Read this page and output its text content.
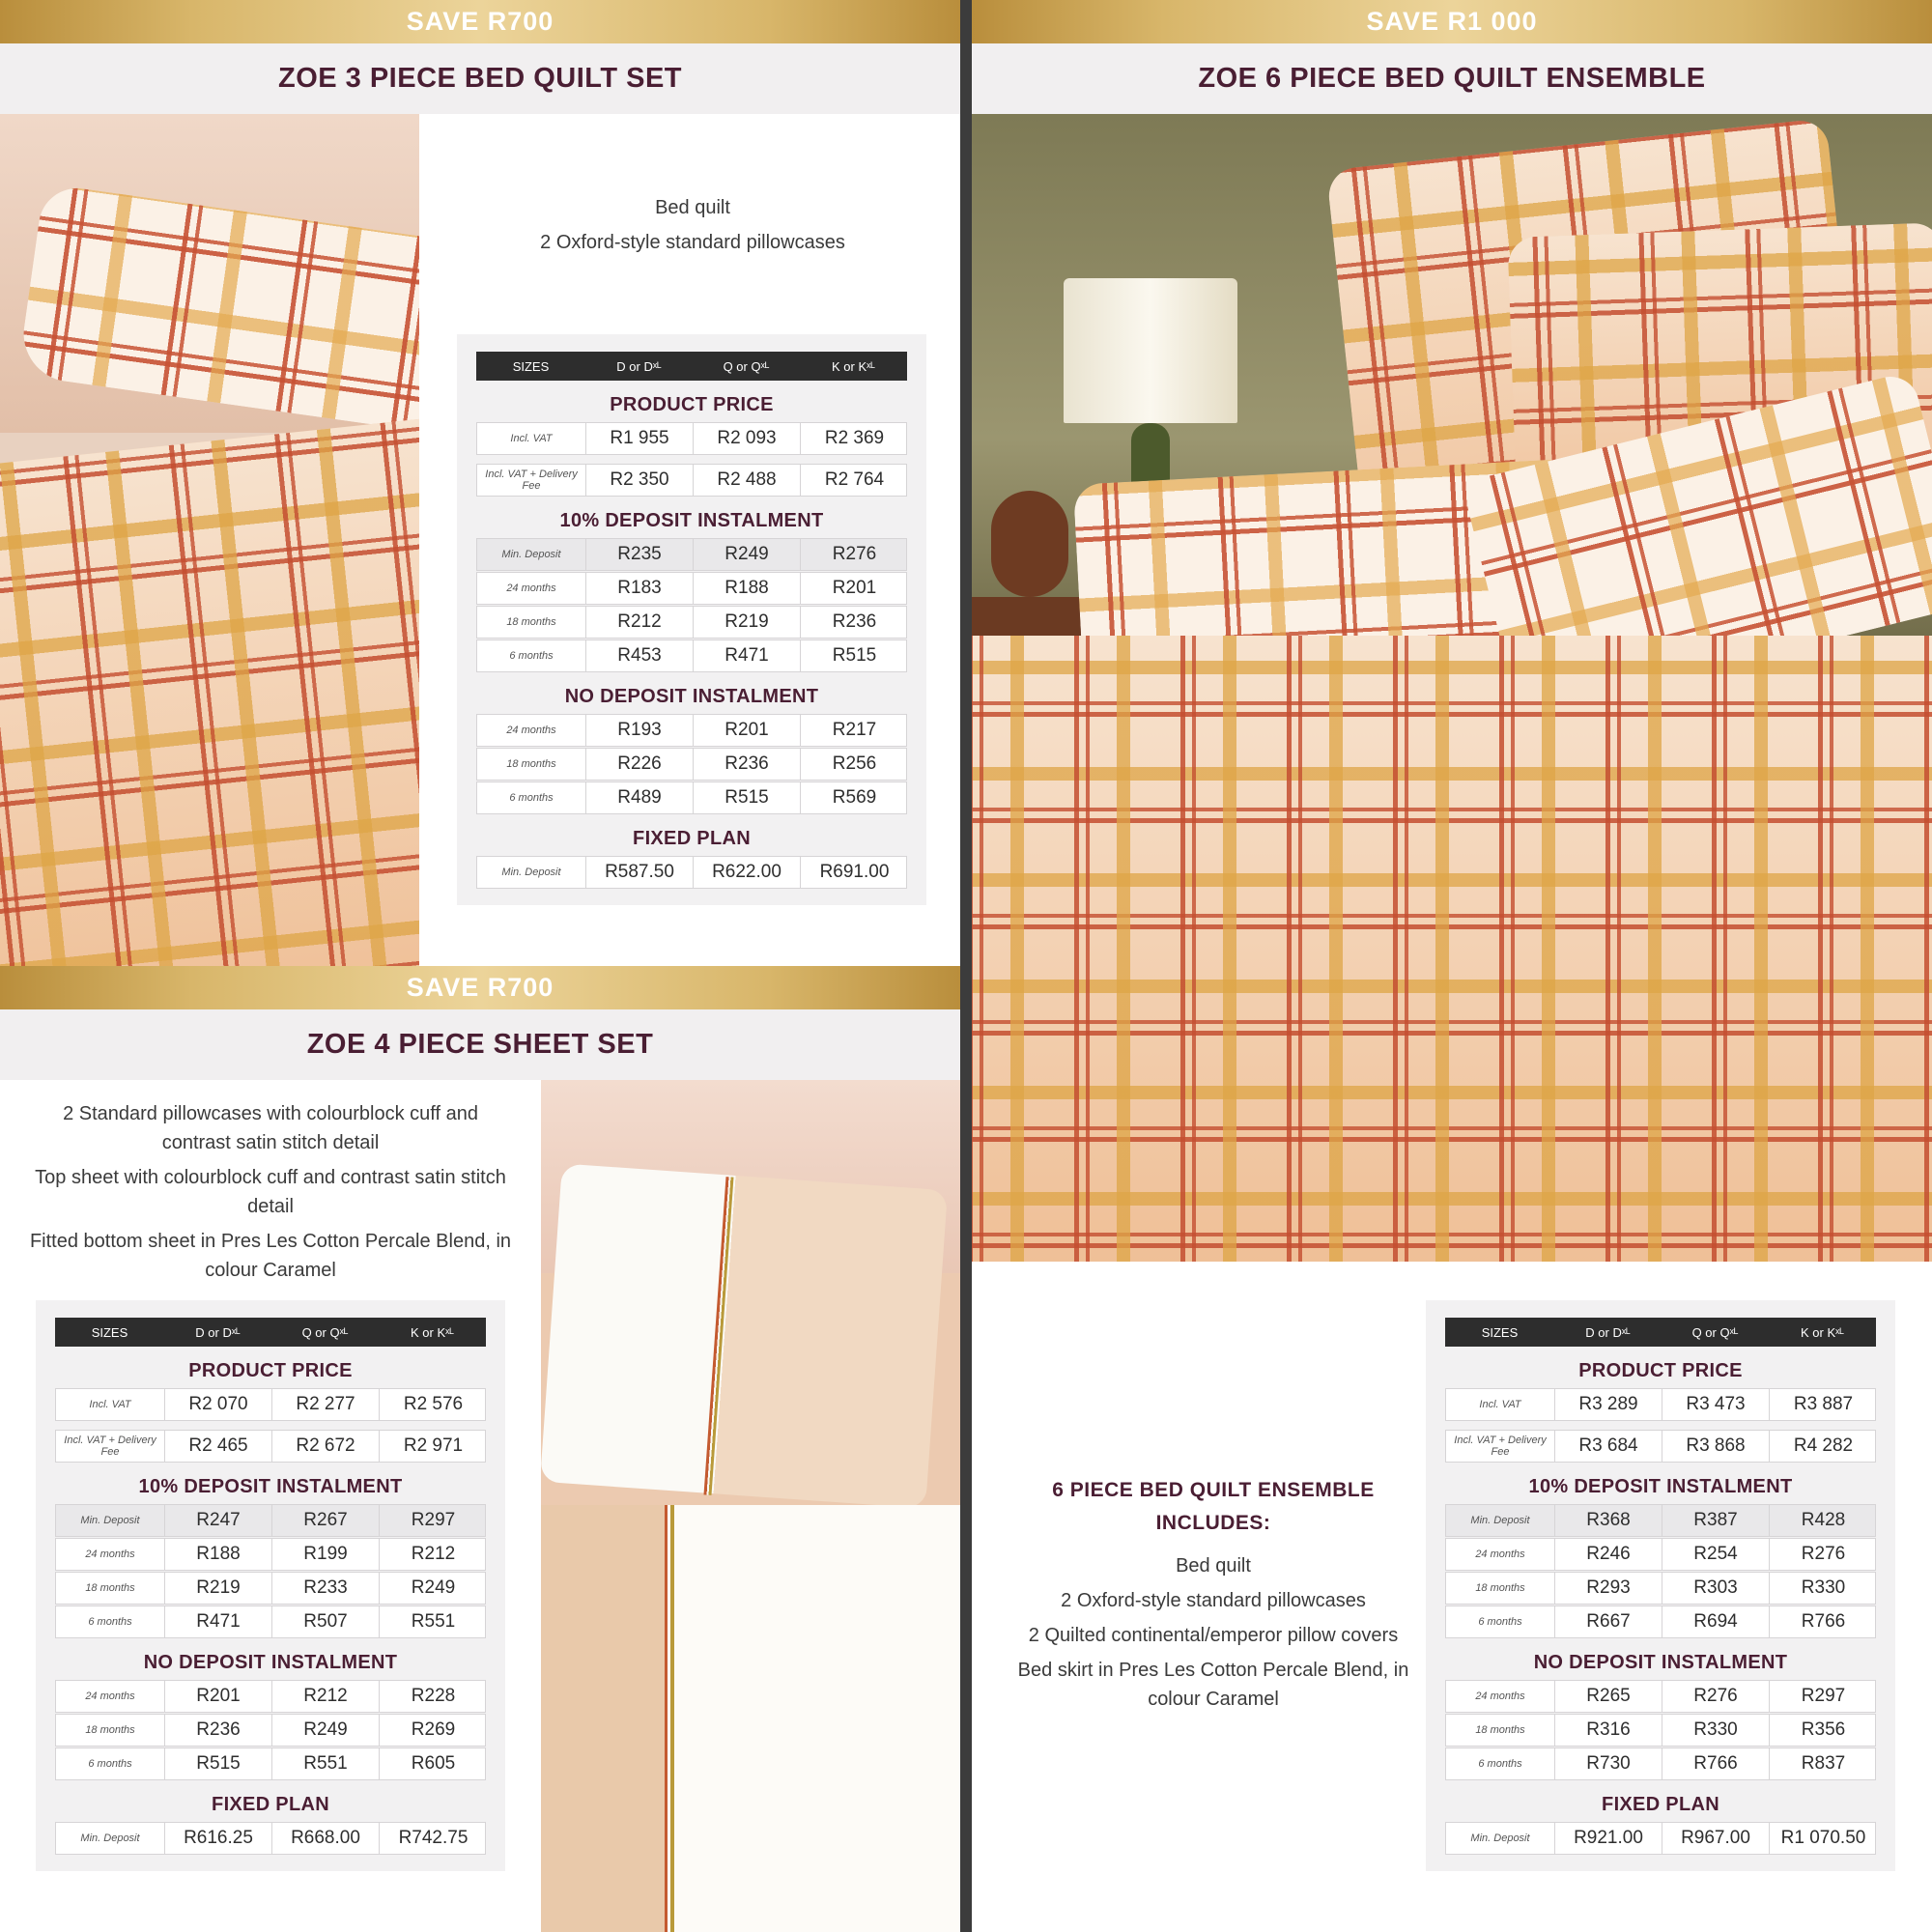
SAVE R700
ZOE 3 PIECE BED QUILT SET

Bed quilt

2 Oxford-style standard pillowcases

SIZES	D or Dˣᴸ	Q or Qˣᴸ	K or Kˣᴸ
PRODUCT PRICE
Incl. VAT	R1 955	R2 093	R2 369
Incl. VAT + Delivery Fee	R2 350	R2 488	R2 764
10% DEPOSIT INSTALMENT
Min. Deposit	R235	R249	R276
24 months	R183	R188	R201
18 months	R212	R219	R236
6 months	R453	R471	R515
NO DEPOSIT INSTALMENT
24 months	R193	R201	R217
18 months	R226	R236	R256
6 months	R489	R515	R569
FIXED PLAN
Min. Deposit	R587.50	R622.00	R691.00
SAVE R1 000
ZOE 6 PIECE BED QUILT ENSEMBLE
6 PIECE BED QUILT ENSEMBLE INCLUDES:

Bed quilt

2 Oxford-style standard pillowcases

2 Quilted continental/emperor pillow covers

Bed skirt in Pres Les Cotton Percale Blend, in colour Caramel

SIZES	D or Dˣᴸ	Q or Qˣᴸ	K or Kˣᴸ
PRODUCT PRICE
Incl. VAT	R3 289	R3 473	R3 887
Incl. VAT + Delivery Fee	R3 684	R3 868	R4 282
10% DEPOSIT INSTALMENT
Min. Deposit	R368	R387	R428
24 months	R246	R254	R276
18 months	R293	R303	R330
6 months	R667	R694	R766
NO DEPOSIT INSTALMENT
24 months	R265	R276	R297
18 months	R316	R330	R356
6 months	R730	R766	R837
FIXED PLAN
Min. Deposit	R921.00	R967.00	R1 070.50
SAVE R700
ZOE 4 PIECE SHEET SET

2 Standard pillowcases with colourblock cuff and contrast satin stitch detail

Top sheet with colourblock cuff and contrast satin stitch detail

Fitted bottom sheet in Pres Les Cotton Percale Blend, in colour Caramel

SIZES	D or Dˣᴸ	Q or Qˣᴸ	K or Kˣᴸ
PRODUCT PRICE
Incl. VAT	R2 070	R2 277	R2 576
Incl. VAT + Delivery Fee	R2 465	R2 672	R2 971
10% DEPOSIT INSTALMENT
Min. Deposit	R247	R267	R297
24 months	R188	R199	R212
18 months	R219	R233	R249
6 months	R471	R507	R551
NO DEPOSIT INSTALMENT
24 months	R201	R212	R228
18 months	R236	R249	R269
6 months	R515	R551	R605
FIXED PLAN
Min. Deposit	R616.25	R668.00	R742.75
